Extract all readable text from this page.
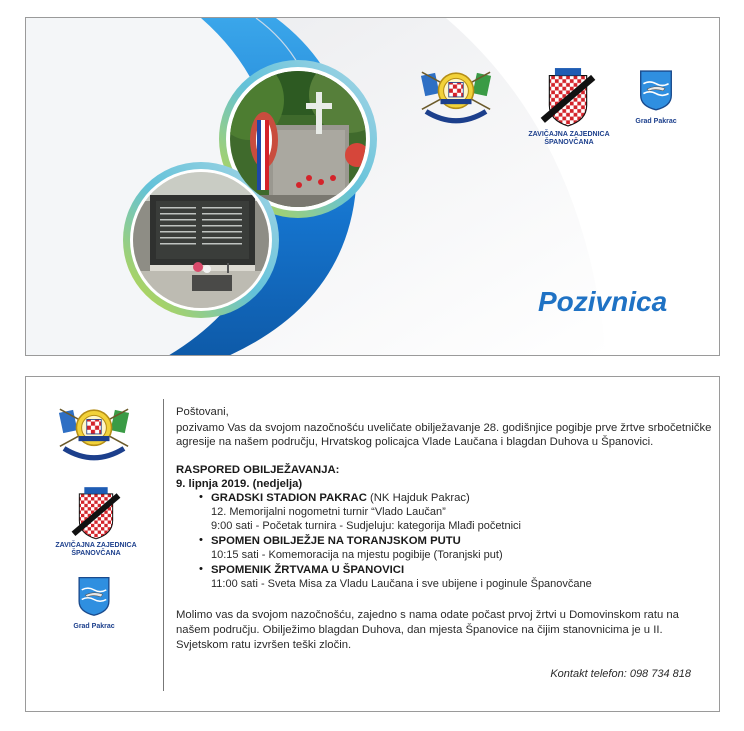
ZAVIČAJNA ZAJEDNICA
ŠPANOVČANA
Grad Pakrac
Pozivnica
ZAVIČAJNA ZAJEDNICA
ŠPANOVČANA
Grad Pakrac
Poštovani,
pozivamo Vas da svojom nazočnošću uveličate obilježavanje 28. godišnjice pogibje prve žrtve srbočetničke
agresije na našem području, Hrvatskog policajca Vlade Laučana i blagdan Duhova u Španovici.
RASPORED OBILJEŽAVANJA:
9. lipnja 2019. (nedjelja)
• GRADSKI STADION PAKRAC (NK Hajduk Pakrac)
12. Memorijalni nogometni turnir “Vlado Laučan”
9:00 sati - Početak turnira - Sudjeluju: kategorija Mlađi početnici
• SPOMEN OBILJEŽJE NA TORANJSKOM PUTU
10:15 sati - Komemoracija na mjestu pogibije (Toranjski put)
• SPOMENIK ŽRTVAMA U ŠPANOVICI
11:00 sati - Sveta Misa za Vladu Laučana i sve ubijene i poginule Španovčane
Molimo vas da svojom nazočnošću, zajedno s nama odate počast prvoj žrtvi u Domovinskom ratu na
našem području. Obilježimo blagdan Duhova, dan mjesta Španovice na čijim stanovnicima je u II.
Svjetskom ratu izvršen teški zločin.
Kontakt telefon: 098 734 818
